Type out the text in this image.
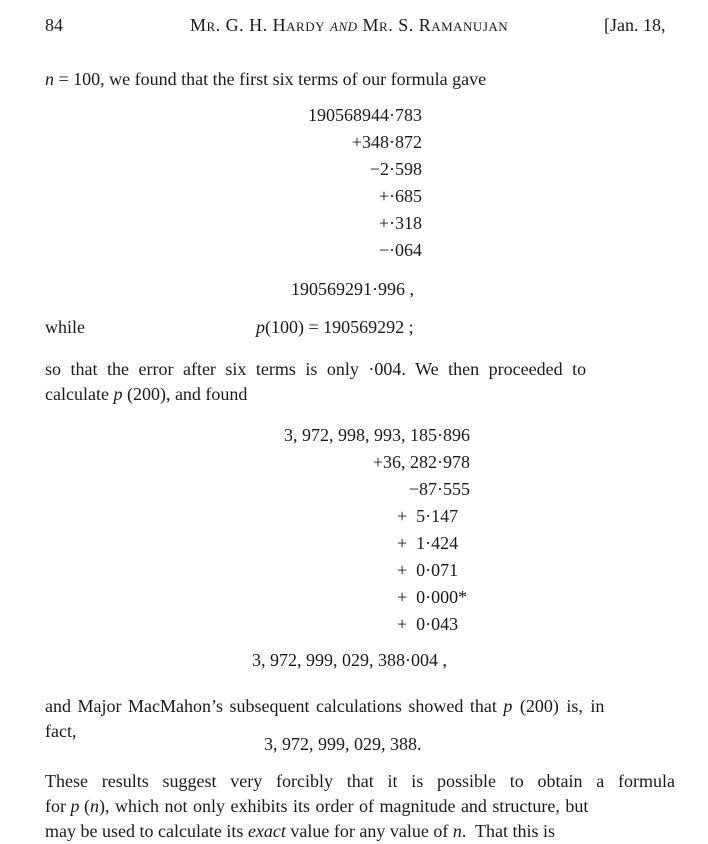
84	Mr. G. H. Hardy and Mr. S. Ramanujan	[Jan. 18,
n = 100, we found that the first six terms of our formula gave
190568944·783
+348·872
−2·598
+·685
+·318
−·064
190569291·996 ,
while	p(100) = 190569292 ;
so that the error after six terms is only ·004. We then proceeded to
calculate p (200), and found
3, 972, 998, 993, 185·896
+36, 282·978
−87·555
+  5·147
+  1·424
+  0·071
+  0·000*
+  0·043
3, 972, 999, 029, 388·004 ,
and Major MacMahon’s subsequent calculations showed that p (200) is, in
fact,
3, 972, 999, 029, 388.
These results suggest very forcibly that it is possible to obtain a formula
for p (n), which not only exhibits its order of magnitude and structure, but
may be used to calculate its exact value for any value of n.  That this is
